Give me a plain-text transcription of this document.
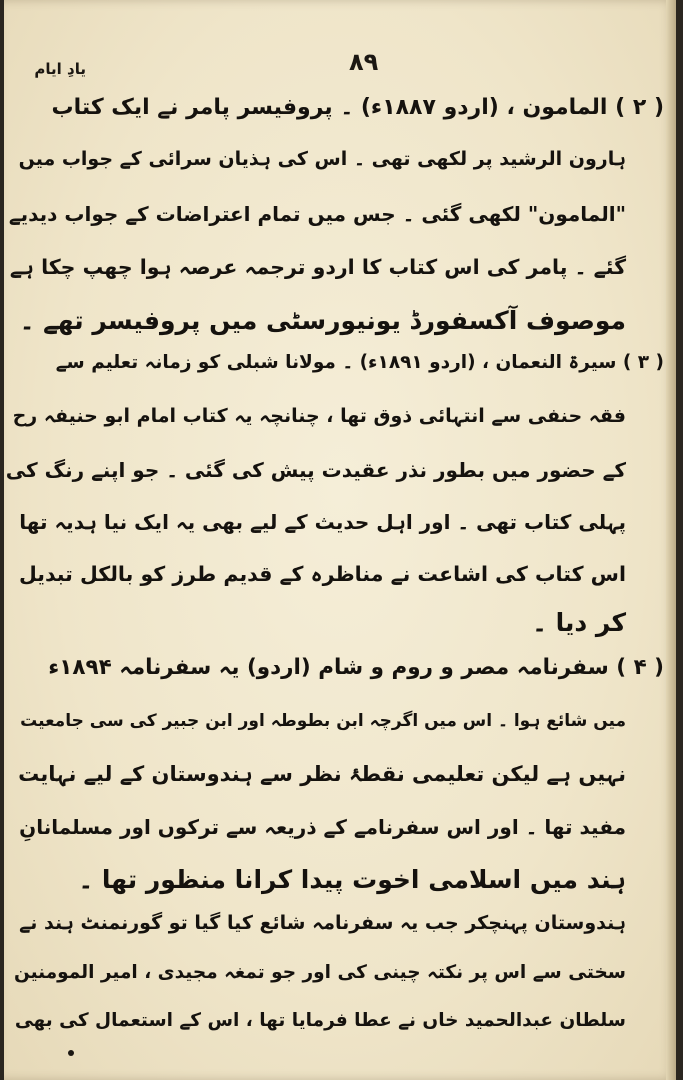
یادِ ایام	۸۹
( ۲ ) المامون ، (اردو ۱۸۸۷ء) ۔ پروفیسر پامر نے ایک کتاب
ہارون الرشید پر لکھی تھی ۔ اس کی ہذیان سرائی کے جواب میں
"المامون" لکھی گئی ۔ جس میں تمام اعتراضات کے جواب دیدیے
گئے ۔ پامر کی اس کتاب کا اردو ترجمہ عرصہ ہوا چھپ چکا ہے
موصوف آکسفورڈ یونیورسٹی میں پروفیسر تھے ۔
( ۳ ) سیرۃ النعمان ، (اردو ۱۸۹۱ء) ۔ مولانا شبلی کو زمانہ تعلیم سے
فقہ حنفی سے انتہائی ذوق تھا ، چنانچہ یہ کتاب امام ابو حنیفہ رح
کے حضور میں بطور نذر عقیدت پیش کی گئی ۔ جو اپنے رنگ کی
پہلی کتاب تھی ۔ اور اہل حدیث کے لیے بھی یہ ایک نیا ہدیہ تھا
اس کتاب کی اشاعت نے مناظرہ کے قدیم طرز کو بالکل تبدیل
کر دیا ۔
( ۴ ) سفرنامہ مصر و روم و شام (اردو) یہ سفرنامہ ۱۸۹۴ء
میں شائع ہوا ۔ اس میں اگرچہ ابن بطوطہ اور ابن جبیر کی سی جامعیت
نہیں ہے لیکن تعلیمی نقطۂ نظر سے ہندوستان کے لیے نہایت
مفید تھا ۔ اور اس سفرنامے کے ذریعہ سے ترکوں اور مسلمانانِ
ہند میں اسلامی اخوت پیدا کرانا منظور تھا ۔
ہندوستان پہنچکر جب یہ سفرنامہ شائع کیا گیا تو گورنمنٹ ہند نے
سختی سے اس پر نکتہ چینی کی اور جو تمغہ مجیدی ، امیر المومنین
سلطان عبدالحمید خاں نے عطا فرمایا تھا ، اس کے استعمال کی بھی
